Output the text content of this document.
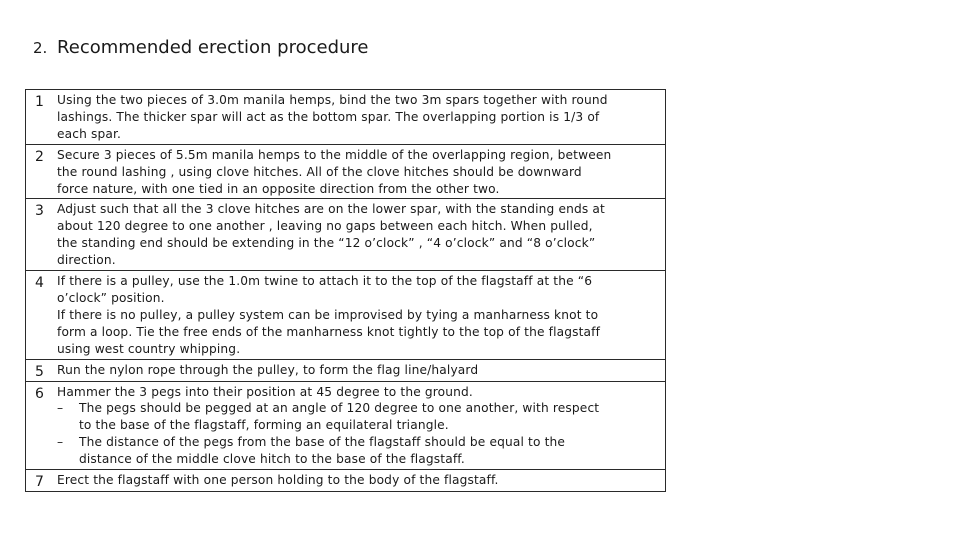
2. Recommended erection procedure
1	Using the two pieces of 3.0m manila hemps, bind the two 3m spars together with round
lashings. The thicker spar will act as the bottom spar. The overlapping portion is 1/3 of
each spar.

2	Secure 3 pieces of 5.5m manila hemps to the middle of the overlapping region, between
the round lashing , using clove hitches. All of the clove hitches should be downward
force nature, with one tied in an opposite direction from the other two.

3	Adjust such that all the 3 clove hitches are on the lower spar, with the standing ends at
about 120 degree to one another , leaving no gaps between each hitch. When pulled,
the standing end should be extending in the “12 o’clock” , “4 o’clock” and “8 o’clock”
direction.

4	If there is a pulley, use the 1.0m twine to attach it to the top of the flagstaff at the “6
o’clock” position.
If there is no pulley, a pulley system can be improvised by tying a manharness knot to
form a loop. Tie the free ends of the manharness knot tightly to the top of the flagstaff
using west country whipping.

5	Run the nylon rope through the pulley, to form the flag line/halyard

6	Hammer the 3 pegs into their position at 45 degree to the ground.
– The pegs should be pegged at an angle of 120 degree to one another, with respect
to the base of the flagstaff, forming an equilateral triangle.
– The distance of the pegs from the base of the flagstaff should be equal to the
distance of the middle clove hitch to the base of the flagstaff.

7	Erect the flagstaff with one person holding to the body of the flagstaff.
